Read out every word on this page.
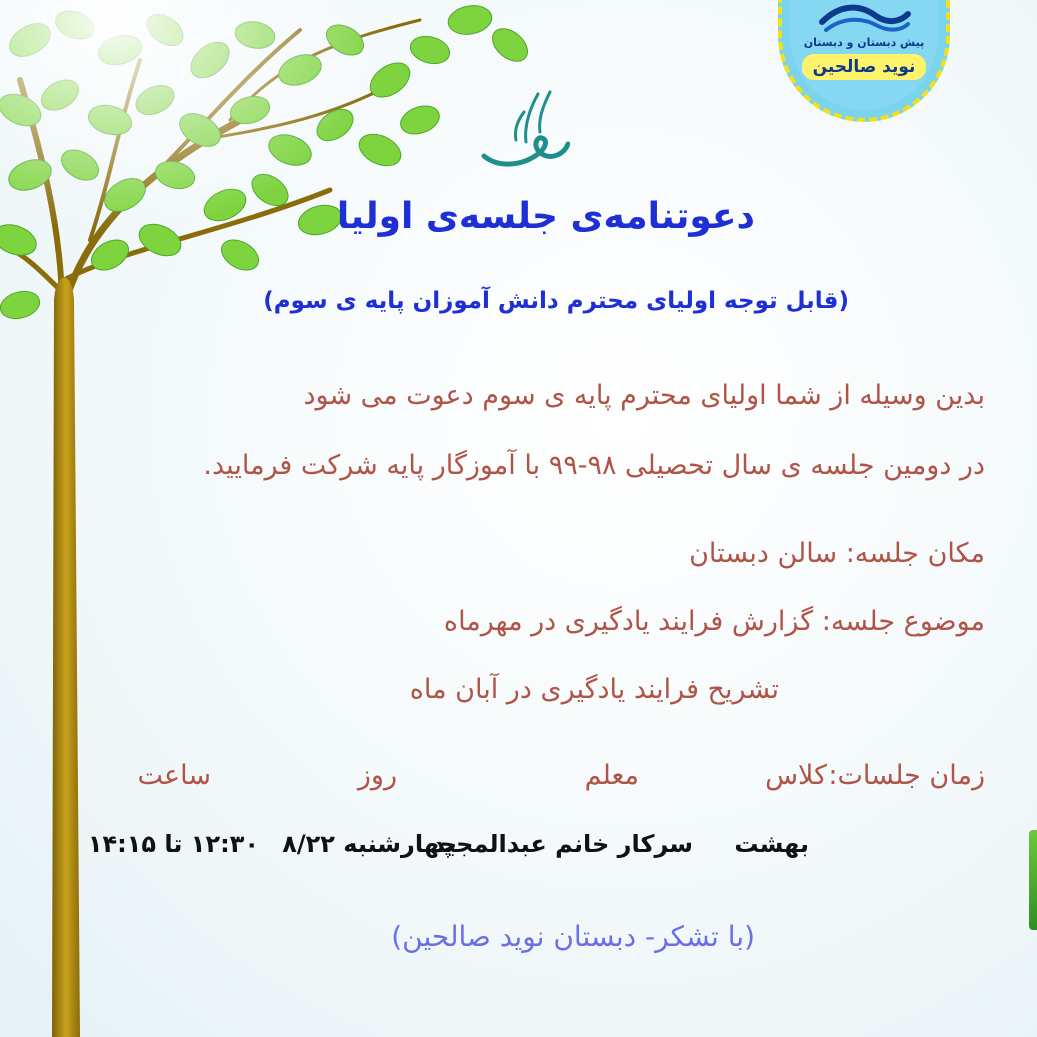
پیش دبستان و دبستان
نوید صالحین
دعوتنامه‌ی جلسه‌ی اولیا
(قابل توجه اولیای محترم دانش آموزان پایه ی سوم)
بدین وسیله از شما اولیای محترم پایه ی سوم دعوت می شود
در دومین جلسه ی سال تحصیلی ۹۸-۹۹ با آموزگار پایه شرکت فرمایید.
مکان جلسه: سالن دبستان
موضوع جلسه: گزارش فرایند یادگیری در مهرماه
تشریح فرایند یادگیری در آبان ماه
زمان جلسات:
کلاس
معلم
روز
ساعت
بهشت
سرکار خانم عبدالمجید
چهارشنبه ۸/۲۲
۱۲:۳۰ تا ۱۴:۱۵
(با تشکر- دبستان نوید صالحین)
